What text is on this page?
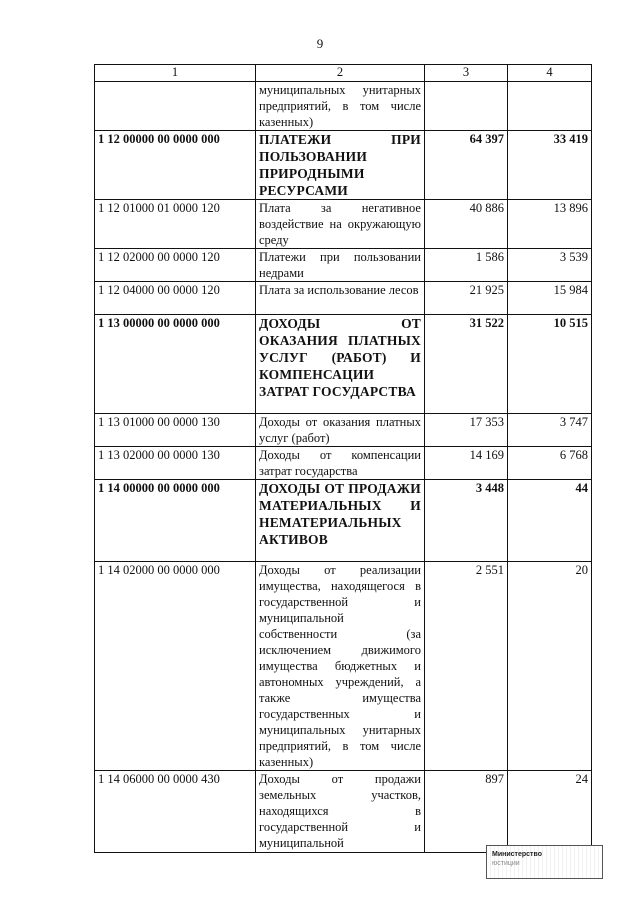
9
1	2	3	4
	муниципальных унитарных предприятий, в том числе казенных)		
1 12 00000 00 0000 000	ПЛАТЕЖИ ПРИ ПОЛЬЗОВАНИИ ПРИРОДНЫМИ РЕСУРСАМИ	64 397	33 419
1 12 01000 01 0000 120	Плата за негативное воздействие на окружающую среду	40 886	13 896
1 12 02000 00 0000 120	Платежи при пользовании недрами	1 586	3 539
1 12 04000 00 0000 120	Плата за использование лесов	21 925	15 984
1 13 00000 00 0000 000	ДОХОДЫ ОТ ОКАЗАНИЯ ПЛАТНЫХ УСЛУГ (РАБОТ) И КОМПЕНСАЦИИ ЗАТРАТ ГОСУДАРСТВА	31 522	10 515
1 13 01000 00 0000 130	Доходы от оказания платных услуг (работ)	17 353	3 747
1 13 02000 00 0000 130	Доходы от компенсации затрат государства	14 169	6 768
1 14 00000 00 0000 000	ДОХОДЫ ОТ ПРОДАЖИ МАТЕРИАЛЬНЫХ И НЕМАТЕРИАЛЬНЫХ АКТИВОВ	3 448	44
1 14 02000 00 0000 000	Доходы от реализации имущества, находящегося в государственной и муниципальной собственности (за исключением движимого имущества бюджетных и автономных учреждений, а также имущества государственных и муниципальных унитарных предприятий, в том числе казенных)	2 551	20
1 14 06000 00 0000 430	Доходы от продажи земельных участков, находящихся в государственной и муниципальной	897	24
Министерство
юстиции
